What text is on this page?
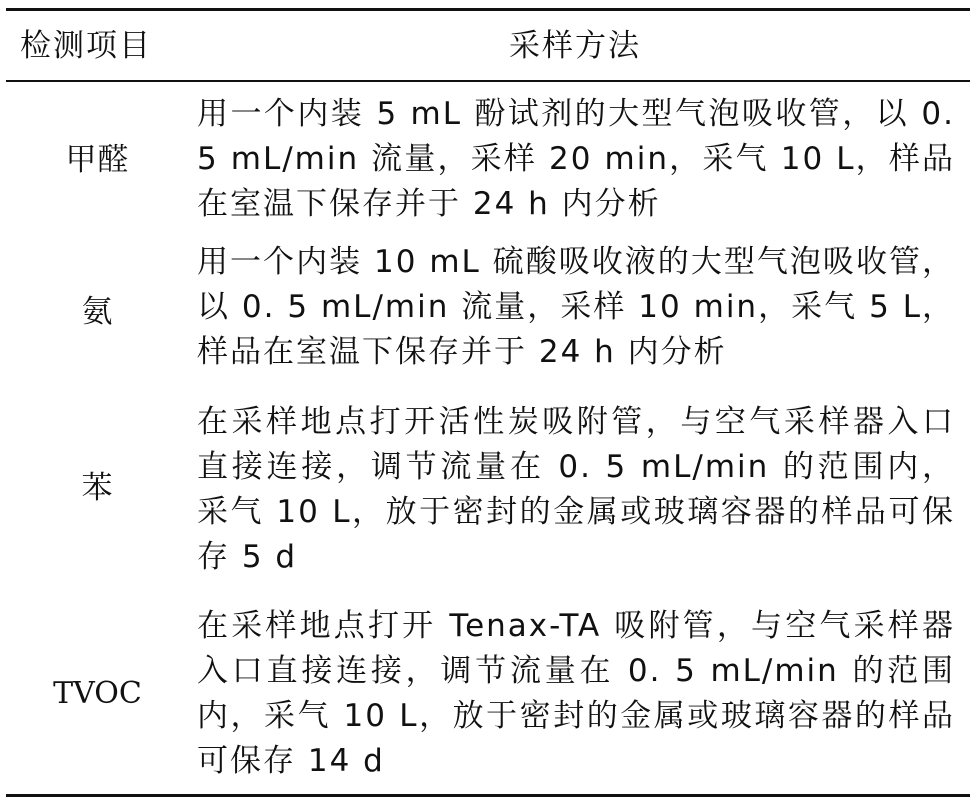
检测项目	采样方法
甲醛
用一个内装 5 mL 酚试剂的大型气泡吸收管，以 0. 5 mL/min 流量，采样 20 min，采气 10 L，样品在室温下保存并于 24 h 内分析
氨
用一个内装 10 mL 硫酸吸收液的大型气泡吸收管，以 0. 5 mL/min 流量，采样 10 min，采气 5 L，样品在室温下保存并于 24 h 内分析
苯
在采样地点打开活性炭吸附管，与空气采样器入口直接连接，调节流量在 0. 5 mL/min 的范围内，采气 10 L，放于密封的金属或玻璃容器的样品可保存 5 d
TVOC
在采样地点打开 Tenax-TA 吸附管，与空气采样器入口直接连接，调节流量在 0. 5 mL/min 的范围内，采气 10 L，放于密封的金属或玻璃容器的样品可保存 14 d
